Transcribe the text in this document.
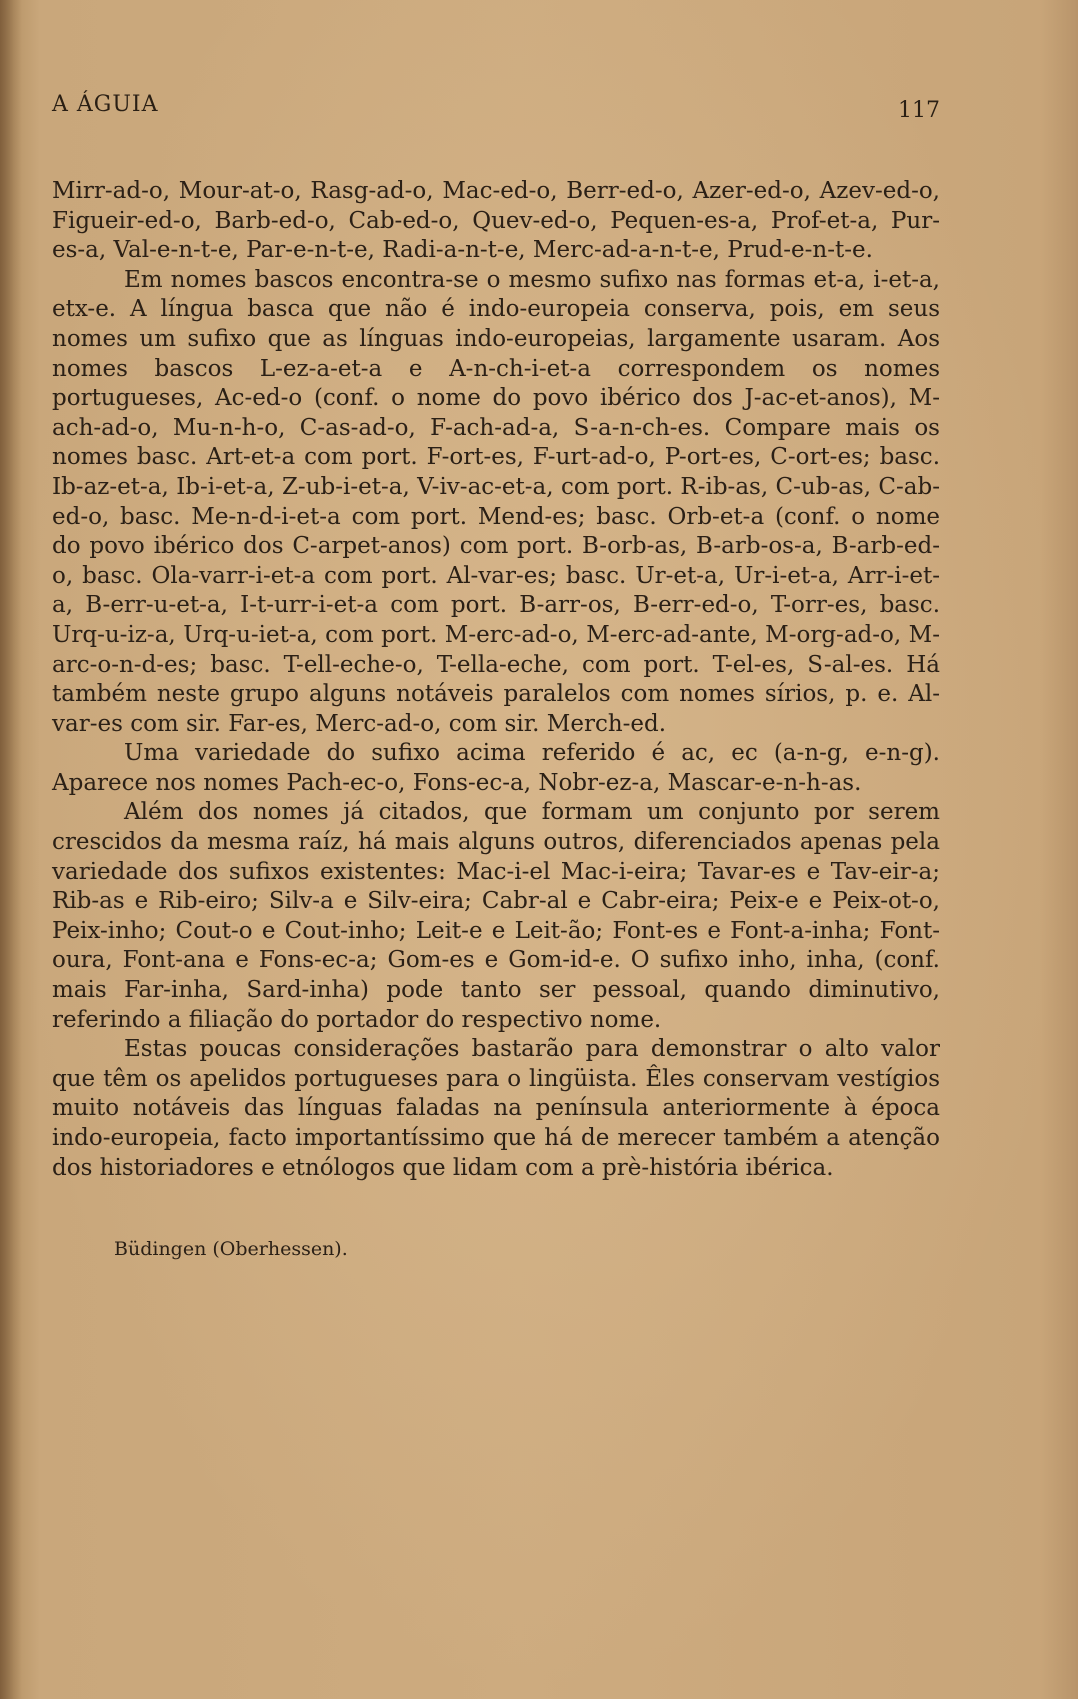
A ÁGUIA	117

Mirr-ad-o, Mour-at-o, Rasg-ad-o, Mac-ed-o, Berr-ed-o, Azer-ed-o, Azev-ed-o, Figueir-ed-o, Barb-ed-o, Cab-ed-o, Quev-ed-o, Pequen-es-a, Prof-et-a, Pur-es-a, Val-e-n-t-e, Par-e-n-t-e, Radi-a-n-t-e, Merc-ad-a-n-t-e, Prud-e-n-t-e.

Em nomes bascos encontra-se o mesmo sufixo nas formas et-a, i-et-a, etx-e. A língua basca que não é indo-europeia conserva, pois, em seus nomes um sufixo que as línguas indo-europeias, largamente usaram. Aos nomes bascos L-ez-a-et-a e A-n-ch-i-et-a correspondem os nomes portugueses, Ac-ed-o (conf. o nome do povo ibérico dos J-ac-et-anos), M-ach-ad-o, Mu-n-h-o, C-as-ad-o, F-ach-ad-a, S-a-n-ch-es. Compare mais os nomes basc. Art-et-a com port. F-ort-es, F-urt-ad-o, P-ort-es, C-ort-es; basc. Ib-az-et-a, Ib-i-et-a, Z-ub-i-et-a, V-iv-ac-et-a, com port. R-ib-as, C-ub-as, C-ab-ed-o, basc. Me-n-d-i-et-a com port. Mend-es; basc. Orb-et-a (conf. o nome do povo ibérico dos C-arpet-anos) com port. B-orb-as, B-arb-os-a, B-arb-ed-o, basc. Ola-varr-i-et-a com port. Al-var-es; basc. Ur-et-a, Ur-i-et-a, Arr-i-et-a, B-err-u-et-a, I-t-urr-i-et-a com port. B-arr-os, B-err-ed-o, T-orr-es, basc. Urq-u-iz-a, Urq-u-iet-a, com port. M-erc-ad-o, M-erc-ad-ante, M-org-ad-o, M-arc-o-n-d-es; basc. T-ell-eche-o, T-ella-eche, com port. T-el-es, S-al-es. Há também neste grupo alguns notáveis paralelos com nomes sírios, p. e. Al-var-es com sir. Far-es, Merc-ad-o, com sir. Merch-ed.

Uma variedade do sufixo acima referido é ac, ec (a-n-g, e-n-g). Aparece nos nomes Pach-ec-o, Fons-ec-a, Nobr-ez-a, Mascar-e-n-h-as.

Além dos nomes já citados, que formam um conjunto por serem crescidos da mesma raíz, há mais alguns outros, diferenciados apenas pela variedade dos sufixos existentes: Mac-i-el Mac-i-eira; Tavar-es e Tav-eir-a; Rib-as e Rib-eiro; Silv-a e Silv-eira; Cabr-al e Cabr-eira; Peix-e e Peix-ot-o, Peix-inho; Cout-o e Cout-inho; Leit-e e Leit-ão; Font-es e Font-a-inha; Font-oura, Font-ana e Fons-ec-a; Gom-es e Gom-id-e. O sufixo inho, inha, (conf. mais Far-inha, Sard-inha) pode tanto ser pessoal, quando diminutivo, referindo a filiação do portador do respectivo nome.

Estas poucas considerações bastarão para demonstrar o alto valor que têm os apelidos portugueses para o lingüista. Êles conservam vestígios muito notáveis das línguas faladas na península anteriormente à época indo-europeia, facto importantíssimo que há de merecer também a atenção dos historiadores e etnólogos que lidam com a prè-história ibérica.

Büdingen (Oberhessen).
